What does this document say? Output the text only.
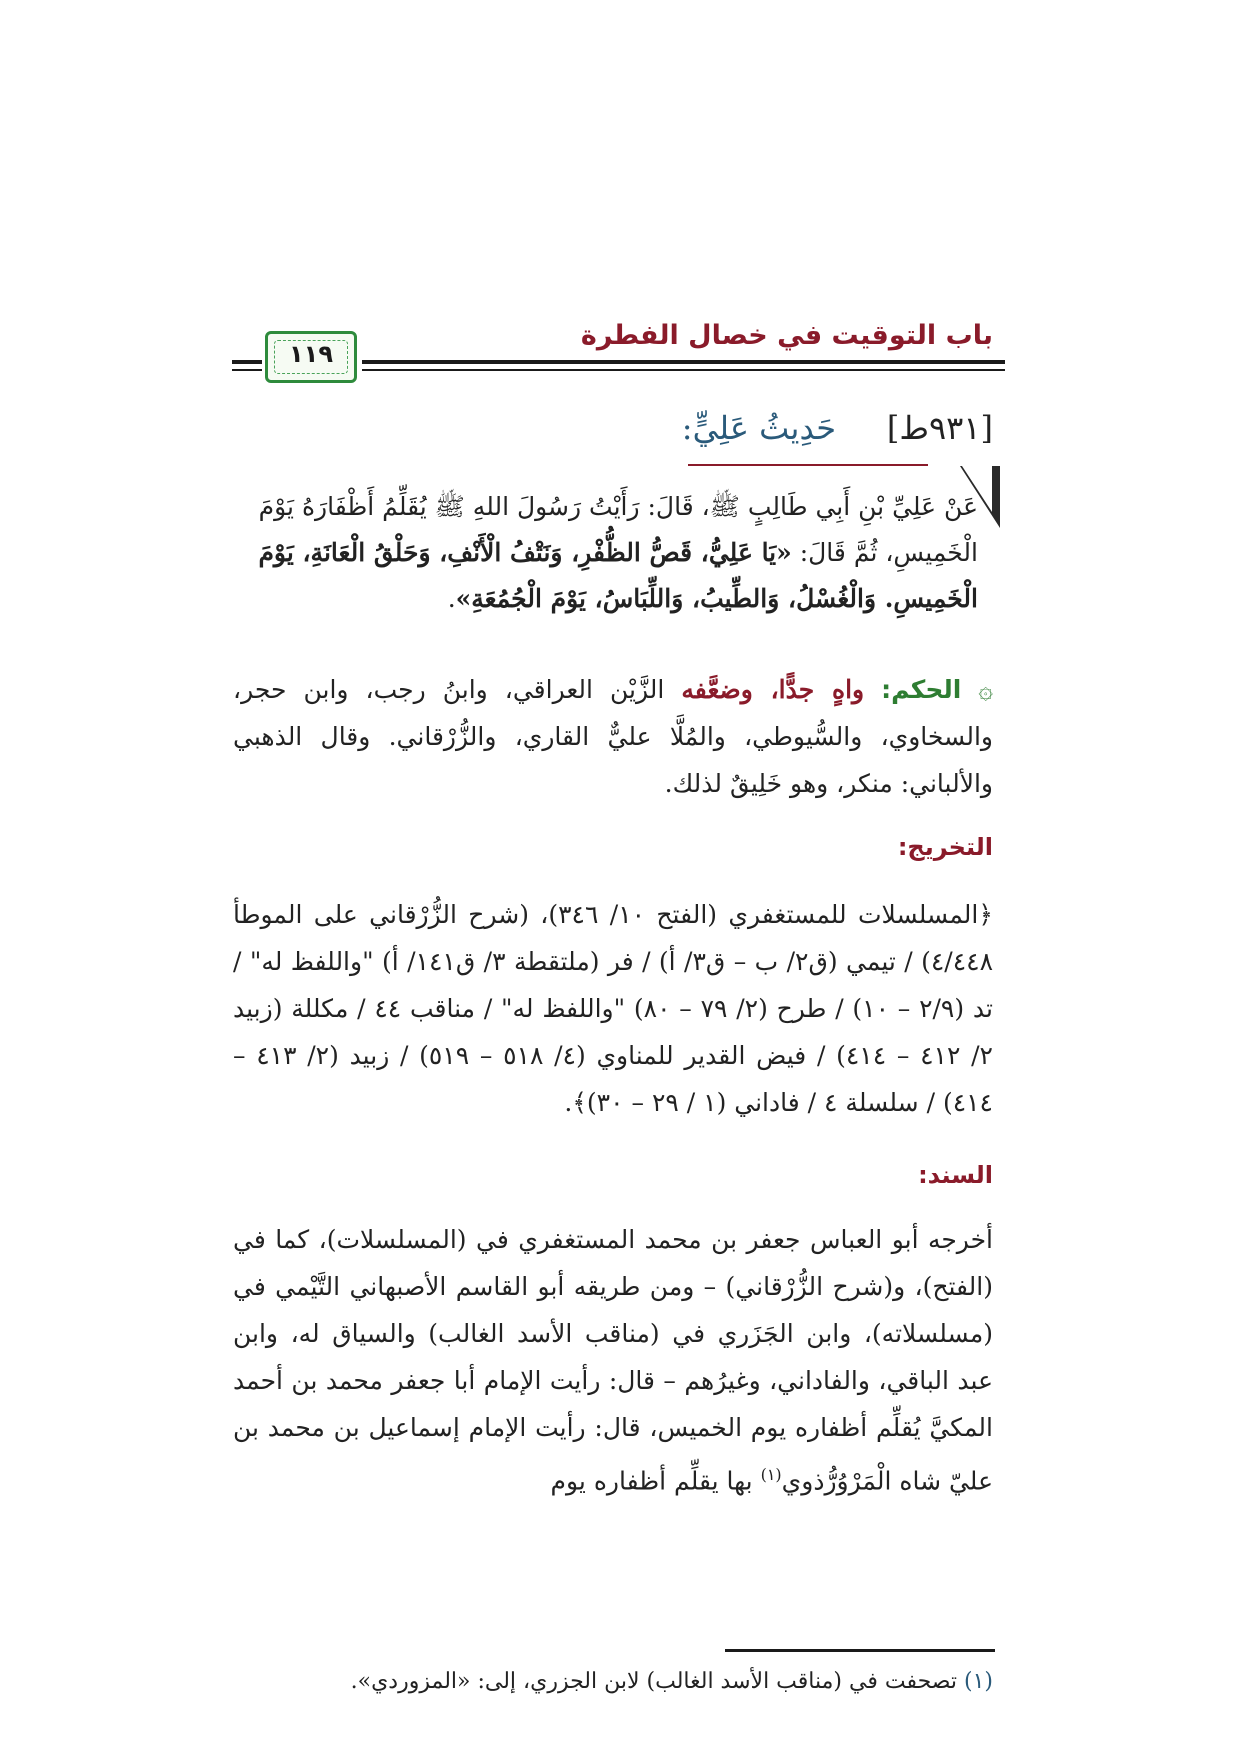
باب التوقيت في خصال الفطرة
١١٩
[٩٣١ط]     حَدِيثُ عَلِيٍّ:
عَنْ عَلِيِّ بْنِ أَبِي طَالِبٍ ﷺ، قَالَ: رَأَيْتُ رَسُولَ اللهِ ﷺ يُقَلِّمُ أَظْفَارَهُ يَوْمَ الْخَمِيسِ، ثُمَّ قَالَ: «يَا عَلِيُّ، قَصُّ الظُّفْرِ، وَنَتْفُ الْأَنْفِ، وَحَلْقُ الْعَانَةِ، يَوْمَ الْخَمِيسِ. وَالْغُسْلُ، وَالطِّيبُ، وَاللِّبَاسُ، يَوْمَ الْجُمُعَةِ».
۞ الحكم: واهٍ جدًّا، وضعَّفه الزَّيْن العراقي، وابنُ رجب، وابن حجر، والسخاوي، والسُّيوطي، والمُلَّا عليٌّ القاري، والزُّرْقاني. وقال الذهبي والألباني: منكر، وهو خَلِيقٌ لذلك.
التخريج:
﴿المسلسلات للمستغفري (الفتح ١٠/ ٣٤٦)، (شرح الزُّرْقاني على الموطأ ٤/٤٤٨) / تيمي (ق٢/ ب – ق٣/ أ) / فر (ملتقطة ٣/ ق١٤١/ أ) "واللفظ له" / تد (٢/٩ – ١٠) / طرح (٢/ ٧٩ – ٨٠) "واللفظ له" / مناقب ٤٤ / مكللة (زبيد ٢/ ٤١٢ – ٤١٤) / فيض القدير للمناوي (٤/ ٥١٨ – ٥١٩) / زبيد (٢/ ٤١٣ – ٤١٤) / سلسلة ٤ / فاداني (١ / ٢٩ – ٣٠)﴾.
السند:
أخرجه أبو العباس جعفر بن محمد المستغفري في (المسلسلات)، كما في (الفتح)، و(شرح الزُّرْقاني) – ومن طريقه أبو القاسم الأصبهاني التَّيْمي في (مسلسلاته)، وابن الجَزَري في (مناقب الأسد الغالب) والسياق له، وابن عبد الباقي، والفاداني، وغيرُهم – قال: رأيت الإمام أبا جعفر محمد بن أحمد المكيَّ يُقلِّم أظفاره يوم الخميس، قال: رأيت الإمام إسماعيل بن محمد بن عليّ شاه الْمَرْوُرُّذوي$^{(١)}$ بها يقلِّم أظفاره يوم
(١) تصحفت في (مناقب الأسد الغالب) لابن الجزري، إلى: «المزوردي».
